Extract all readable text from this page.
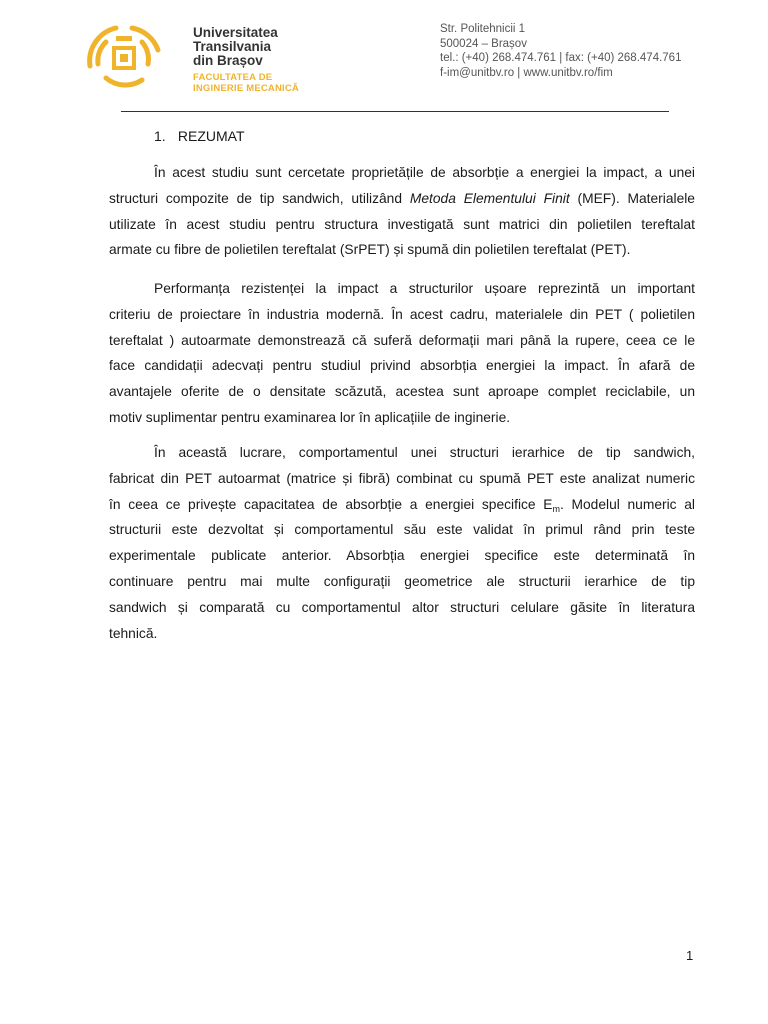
Universitatea
Transilvania
din Brașov
FACULTATEA DE
INGINERIE MECANICĂ
Str. Politehnicii 1
500024 – Brașov
tel.: (+40) 268.474.761 | fax: (+40) 268.474.761
f-im@unitbv.ro | www.unitbv.ro/fim
1. REZUMAT
În acest studiu sunt cercetate proprietățile de absorbție a energiei la impact, a unei
structuri compozite de tip sandwich, utilizând Metoda Elementului Finit (MEF). Materialele
utilizate în acest studiu pentru structura investigată sunt matrici din polietilen tereftalat
armate cu fibre de polietilen tereftalat (SrPET) și spumă din polietilen tereftalat (PET).
Performanța rezistenței la impact a structurilor ușoare reprezintă un important
criteriu de proiectare în industria modernă. În acest cadru, materialele din PET ( polietilen
tereftalat ) autoarmate demonstrează că suferă deformații mari până la rupere, ceea ce le
face candidații adecvați pentru studiul privind absorbția energiei la impact. În afară de
avantajele oferite de o densitate scăzută, acestea sunt aproape complet reciclabile, un
motiv suplimentar pentru examinarea lor în aplicațiile de inginerie.
În această lucrare, comportamentul unei structuri ierarhice de tip sandwich,
fabricat din PET autoarmat (matrice și fibră) combinat cu spumă PET este analizat numeric
în ceea ce privește capacitatea de absorbție a energiei specifice $E_m$. Modelul numeric al
structurii este dezvoltat și comportamentul său este validat în primul rând prin teste
experimentale publicate anterior. Absorbția energiei specifice este determinată în
continuare pentru mai multe configurații geometrice ale structurii ierarhice de tip
sandwich și comparată cu comportamentul altor structuri celulare găsite în literatura
tehnică.
1
